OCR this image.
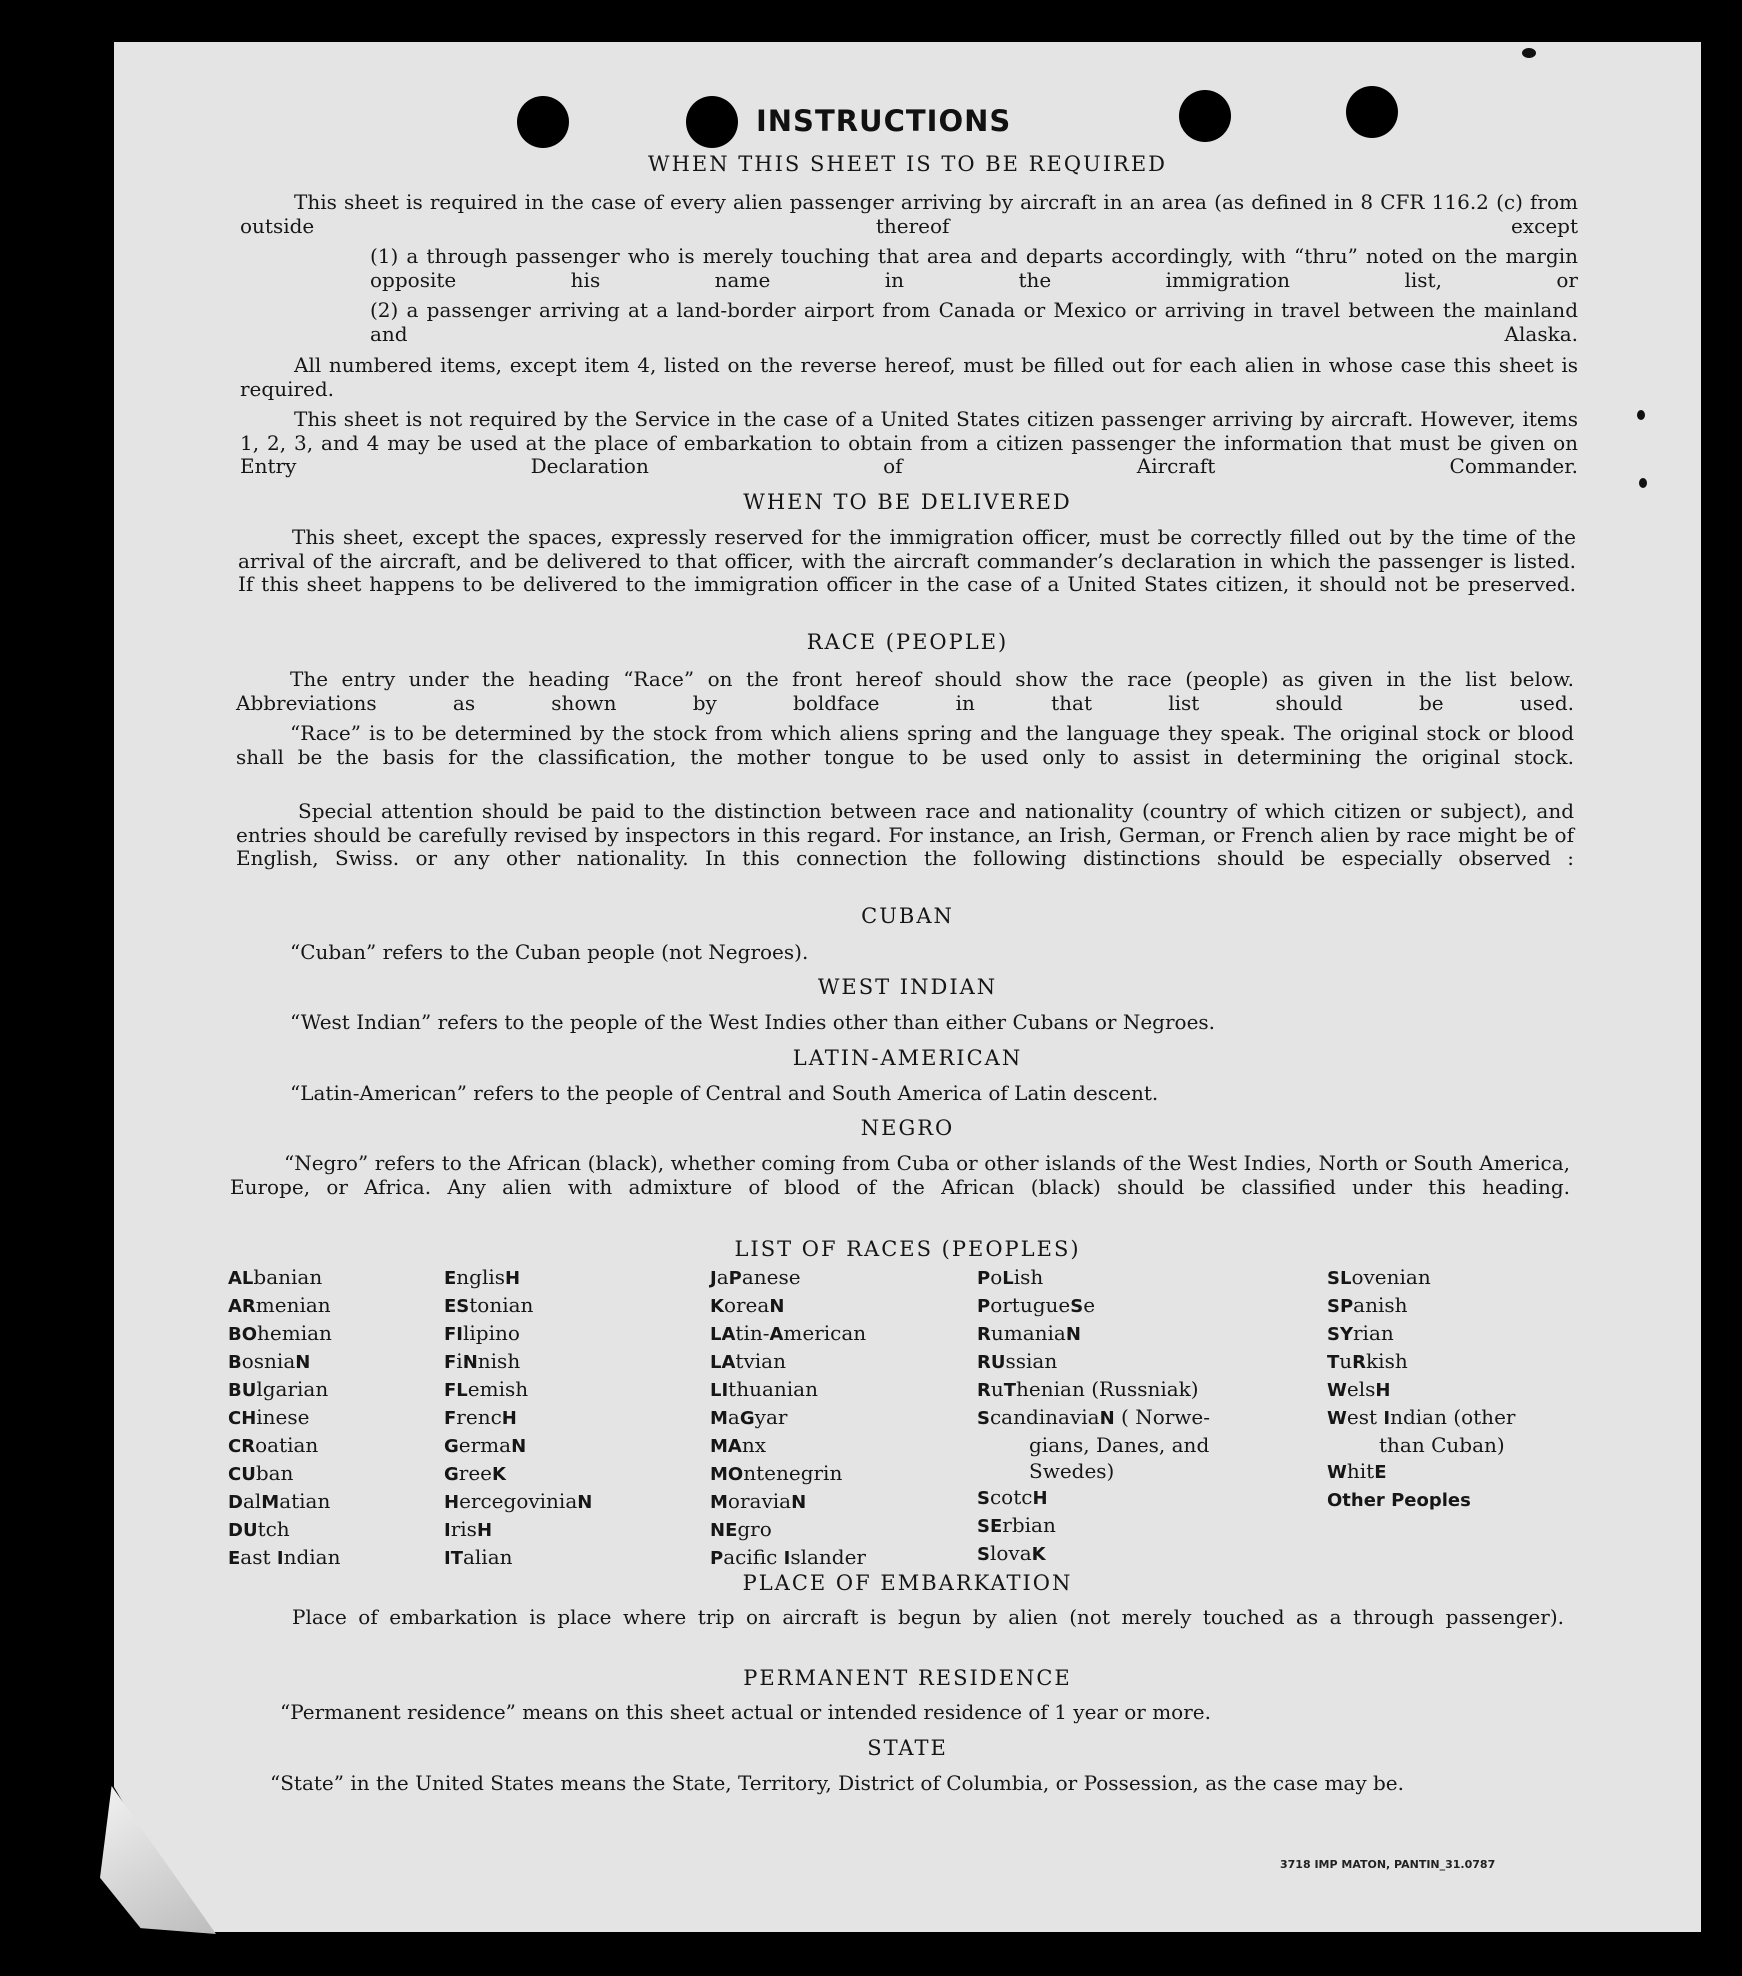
INSTRUCTIONS
WHEN THIS SHEET IS TO BE REQUIRED
This sheet is required in the case of every alien passenger arriving by aircraft in an area (as defined in 8 CFR 116.2 (c) from outside thereof except
(1) a through passenger who is merely touching that area and departs accordingly, with “thru” noted on the margin opposite his name in the immigration list, or
(2) a passenger arriving at a land-border airport from Canada or Mexico or arriving in travel between the mainland and Alaska.
All numbered items, except item 4, listed on the reverse hereof, must be filled out for each alien in whose case this sheet is required.
This sheet is not required by the Service in the case of a United States citizen passenger arriving by aircraft. However, items 1, 2, 3, and 4 may be used at the place of embarkation to obtain from a citizen passenger the information that must be given on Entry Declaration of Aircraft Commander.
WHEN TO BE DELIVERED
This sheet, except the spaces, expressly reserved for the immigration officer, must be correctly filled out by the time of the arrival of the aircraft, and be delivered to that officer, with the aircraft commander’s declaration in which the passenger is listed. If this sheet happens to be delivered to the immigration officer in the case of a United States citizen, it should not be preserved.
RACE (PEOPLE)
The entry under the heading “Race” on the front hereof should show the race (people) as given in the list below. Abbreviations as shown by boldface in that list should be used.
“Race” is to be determined by the stock from which aliens spring and the language they speak. The original stock or blood shall be the basis for the classification, the mother tongue to be used only to assist in determining the original stock.
Special attention should be paid to the distinction between race and nationality (country of which citizen or subject), and entries should be carefully revised by inspectors in this regard. For instance, an Irish, German, or French alien by race might be of English, Swiss. or any other nationality. In this connection the following distinctions should be especially observed :
CUBAN
“Cuban” refers to the Cuban people (not Negroes).
WEST INDIAN
“West Indian” refers to the people of the West Indies other than either Cubans or Negroes.
LATIN-AMERICAN
“Latin-American” refers to the people of Central and South America of Latin descent.
NEGRO
“Negro” refers to the African (black), whether coming from Cuba or other islands of the West Indies, North or South America, Europe, or Africa. Any alien with admixture of blood of the African (black) should be classified under this heading.
LIST OF RACES (PEOPLES)
ALbanian
ARmenian
BOhemian
BosniaN
BUlgarian
CHinese
CRoatian
CUban
DalMatian
DUtch
East Indian
EnglisH
EStonian
FIlipino
FiNnish
FLemish
FrencH
GermaN
GreeK
HercegoviniaN
IrisH
ITalian
JaPanese
KoreaN
LAtin-American
LAtvian
LIthuanian
MaGyar
MAnx
MOntenegrin
MoraviaN
NEgro
Pacific Islander
PoLish
PortugueSe
RumaniaN
RUssian
RuThenian (Russniak)
ScandinaviaN ( Norwe-
gians, Danes, and
Swedes)
ScotcH
SErbian
SlovaK
SLovenian
SPanish
SYrian
TuRkish
WelsH
West Indian (other
than Cuban)
WhitE
Other Peoples
PLACE OF EMBARKATION
Place of embarkation is place where trip on aircraft is begun by alien (not merely touched as a through passenger).
PERMANENT RESIDENCE
“Permanent residence” means on this sheet actual or intended residence of 1 year or more.
STATE
“State” in the United States means the State, Territory, District of Columbia, or Possession, as the case may be.
3718 IMP MATON, PANTIN_31.0787
